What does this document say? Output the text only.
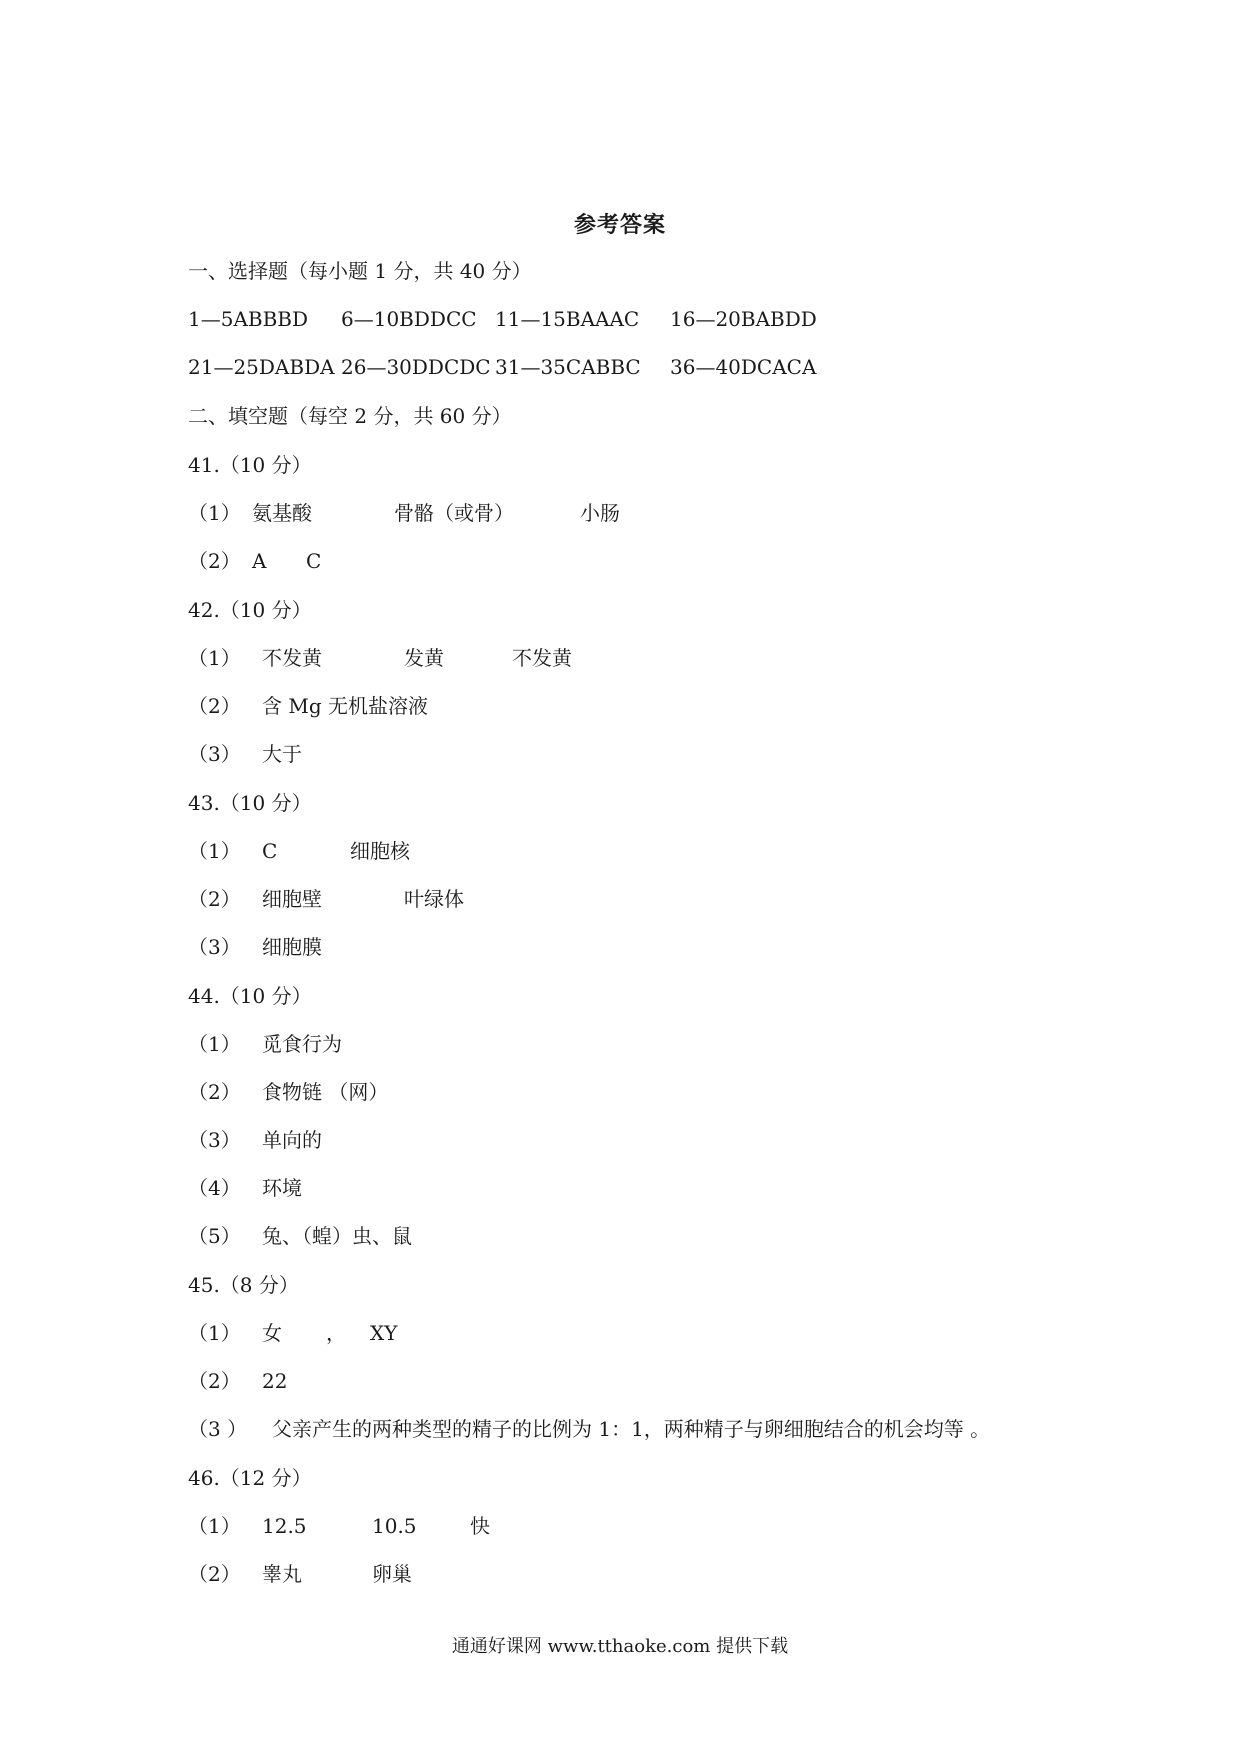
参考答案
一、选择题（每小题 1 分，共 40 分）
1—5ABBBD 6—10BDDCC 11—15BAAAC 16—20BABDD
21—25DABDA 26—30DDCDC 31—35CABBC 36—40DCACA
二、填空题（每空 2 分，共 60 分）
41.（10 分）
（1） 氨基酸	骨骼（或骨）	小肠
（2） A C
42.（10 分）
（1） 不发黄	发黄	不发黄
（2） 含 Mg 无机盐溶液
（3） 大于
43.（10 分）
（1） C	细胞核
（2） 细胞壁	叶绿体
（3） 细胞膜
44.（10 分）
（1） 觅食行为
（2） 食物链 （网）
（3） 单向的
（4） 环境
（5） 兔、（蝗）虫、鼠
45.（8 分）
（1） 女 ， XY
（2） 22
（3 ） 父亲产生的两种类型的精子的比例为 1：1，两种精子与卵细胞结合的机会均等 。
46.（12 分）
（1） 12.5	10.5	快
（2） 睾丸	卵巢
通通好课网 www.tthaoke.com 提供下载
